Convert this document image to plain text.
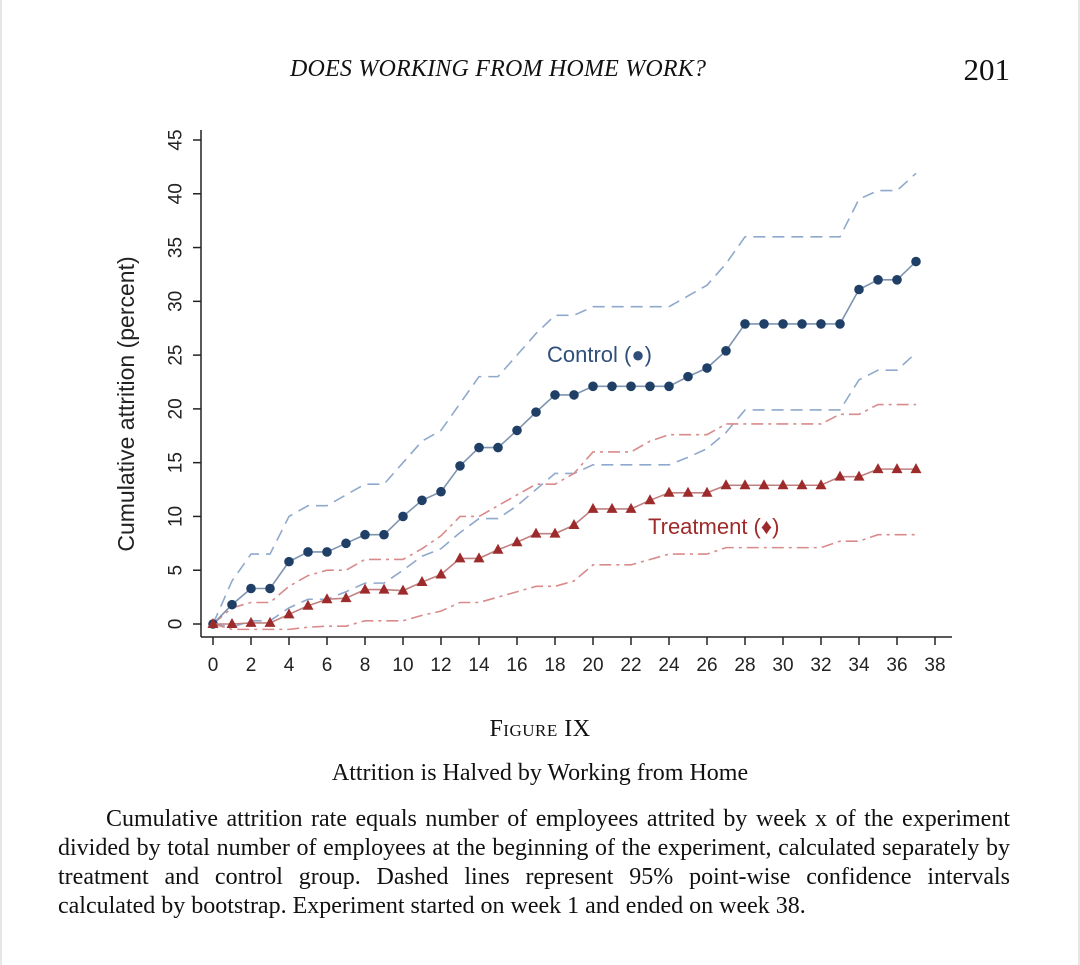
DOES WORKING FROM HOME WORK?	201
0
5
10
15
20
25
30
35
40
45
0 2 4 6 8 10 12 14 16 18 20 22 24 26 28 30 32 34 36 38
Control (●)
Treatment (♦)
Cumulative attrition (percent)
Figure IX
Attrition is Halved by Working from Home
Cumulative attrition rate equals number of employees attrited by week x of the experiment divided by total number of employees at the beginning of the experiment, calculated separately by treatment and control group. Dashed lines represent 95% point-wise confidence intervals calculated by bootstrap. Experiment started on week 1 and ended on week 38.
